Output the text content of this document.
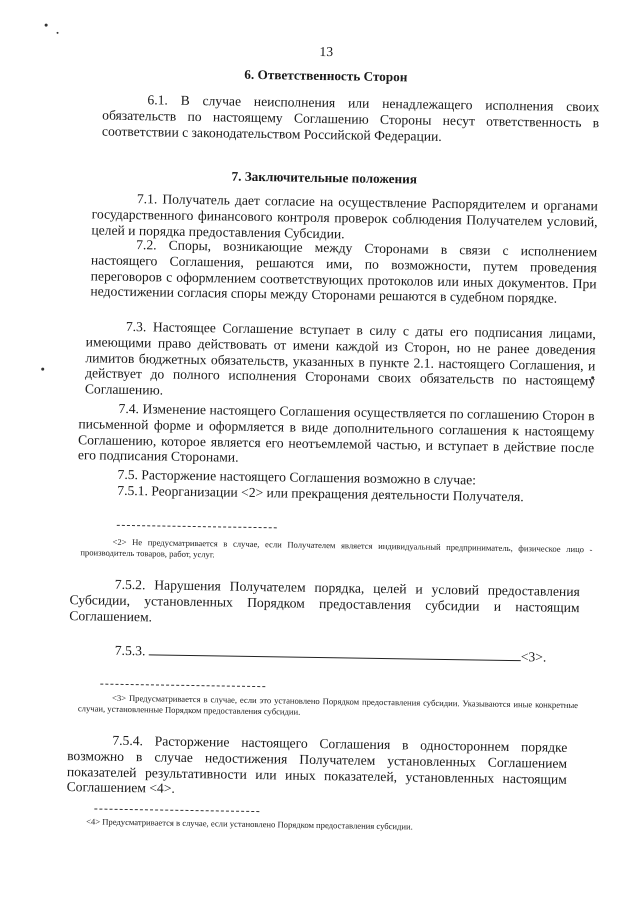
13
6. Ответственность Сторон

6.1. В случае неисполнения или ненадлежащего исполнения своих обязательств по настоящему Соглашению Стороны несут ответственность в соответствии с законодательством Российской Федерации.

7. Заключительные положения

7.1. Получатель дает согласие на осуществление Распорядителем и органами государственного финансового контроля проверок соблюдения Получателем условий, целей и порядка предоставления Субсидии.

7.2. Споры, возникающие между Сторонами в связи с исполнением настоящего Соглашения, решаются ими, по возможности, путем проведения переговоров с оформлением соответствующих протоколов или иных документов. При недостижении согласия споры между Сторонами решаются в судебном порядке.

7.3. Настоящее Соглашение вступает в силу с даты его подписания лицами, имеющими право действовать от имени каждой из Сторон, но не ранее доведения лимитов бюджетных обязательств, указанных в пункте 2.1. настоящего Соглашения, и действует до полного исполнения Сторонами своих обязательств по настоящему Соглашению.

7.4. Изменение настоящего Соглашения осуществляется по соглашению Сторон в письменной форме и оформляется в виде дополнительного соглашения к настоящему Соглашению, которое является его неотъемлемой частью, и вступает в действие после его подписания Сторонами.

7.5. Расторжение настоящего Соглашения возможно в случае:

7.5.1. Реорганизации <2> или прекращения деятельности Получателя.

<2> Не предусматривается в случае, если Получателем является индивидуальный предприниматель, физическое лицо - производитель товаров, работ, услуг.

7.5.2. Нарушения Получателем порядка, целей и условий предоставления Субсидии, установленных Порядком предоставления субсидии и настоящим Соглашением.

7.5.3.	<3>.

<3> Предусматривается в случае, если это установлено Порядком предоставления субсидии. Указываются иные конкретные случаи, установленные Порядком предоставления субсидии.

7.5.4. Расторжение настоящего Соглашения в одностороннем порядке возможно в случае недостижения Получателем установленных Соглашением показателей результативности или иных показателей, установленных настоящим Соглашением <4>.

<4> Предусматривается в случае, если установлено Порядком предоставления субсидии.
